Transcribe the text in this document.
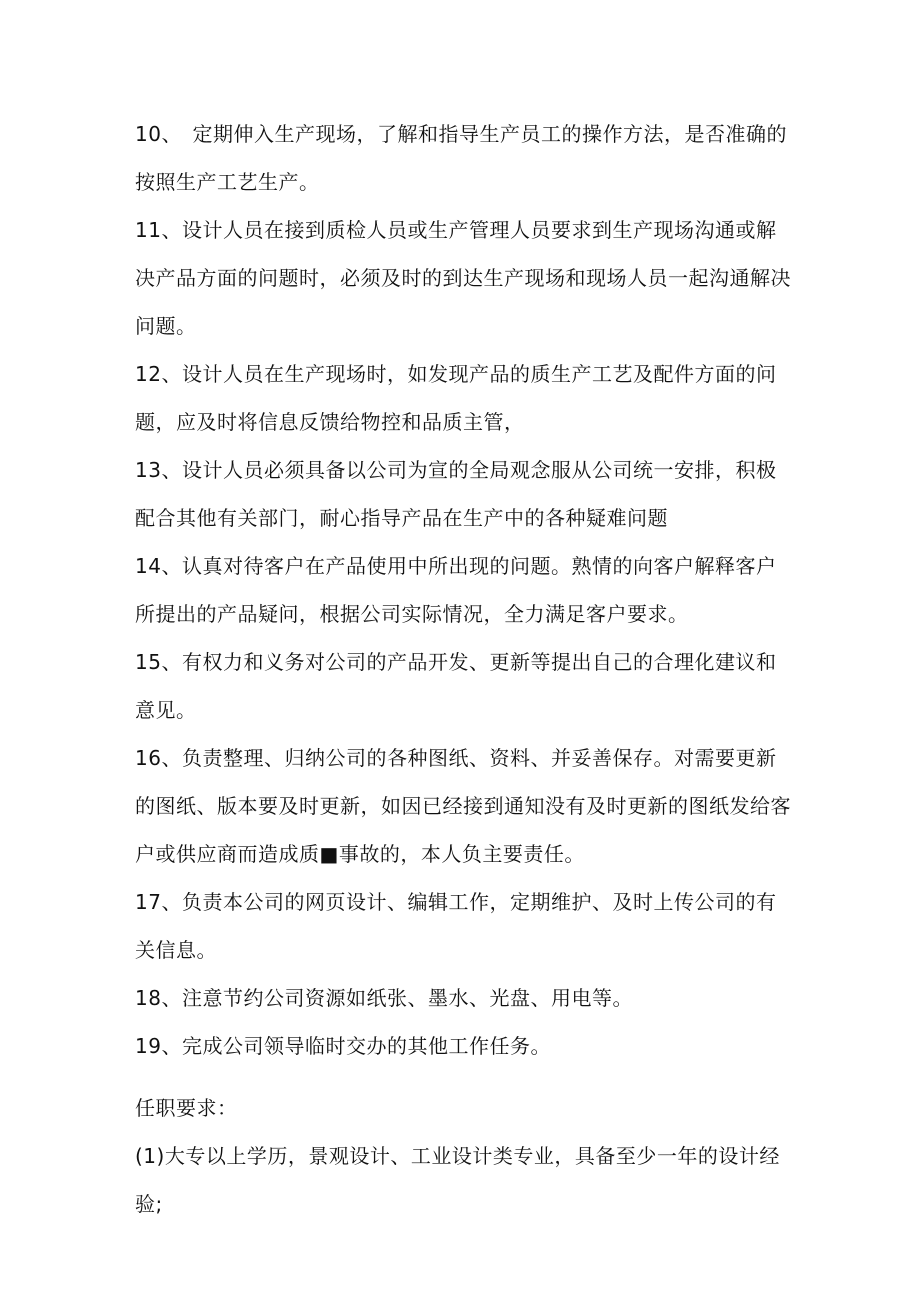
10、　定期伸入生产现场，了解和指导生产员工的操作方法，是否准确的按照生产工艺生产。

11、设计人员在接到质检人员或生产管理人员要求到生产现场沟通或解决产品方面的问题时，必须及时的到达生产现场和现场人员一起沟通解决问题。

12、设计人员在生产现场时，如发现产品的质生产工艺及配件方面的问题，应及时将信息反馈给物控和品质主管，

13、设计人员必须具备以公司为宣的全局观念服从公司统一安排，积极配合其他有关部门，耐心指导产品在生产中的各种疑难问题

14、认真对待客户在产品使用中所出现的问题。熟情的向客户解释客户所提出的产品疑问，根据公司实际情况，全力满足客户要求。

15、有权力和义务对公司的产品开发、更新等提出自己的合理化建议和意见。

16、负责整理、归纳公司的各种图纸、资料、并妥善保存。对需要更新的图纸、版本要及时更新，如因已经接到通知没有及时更新的图纸发给客户或供应商而造成质■事故的，本人负主要责任。

17、负责本公司的网页设计、编辑工作，定期维护、及时上传公司的有关信息。

18、注意节约公司资源如纸张、墨水、光盘、用电等。

19、完成公司领导临时交办的其他工作任务。

任职要求：

(1)大专以上学历，景观设计、工业设计类专业，具备至少一年的设计经验;
